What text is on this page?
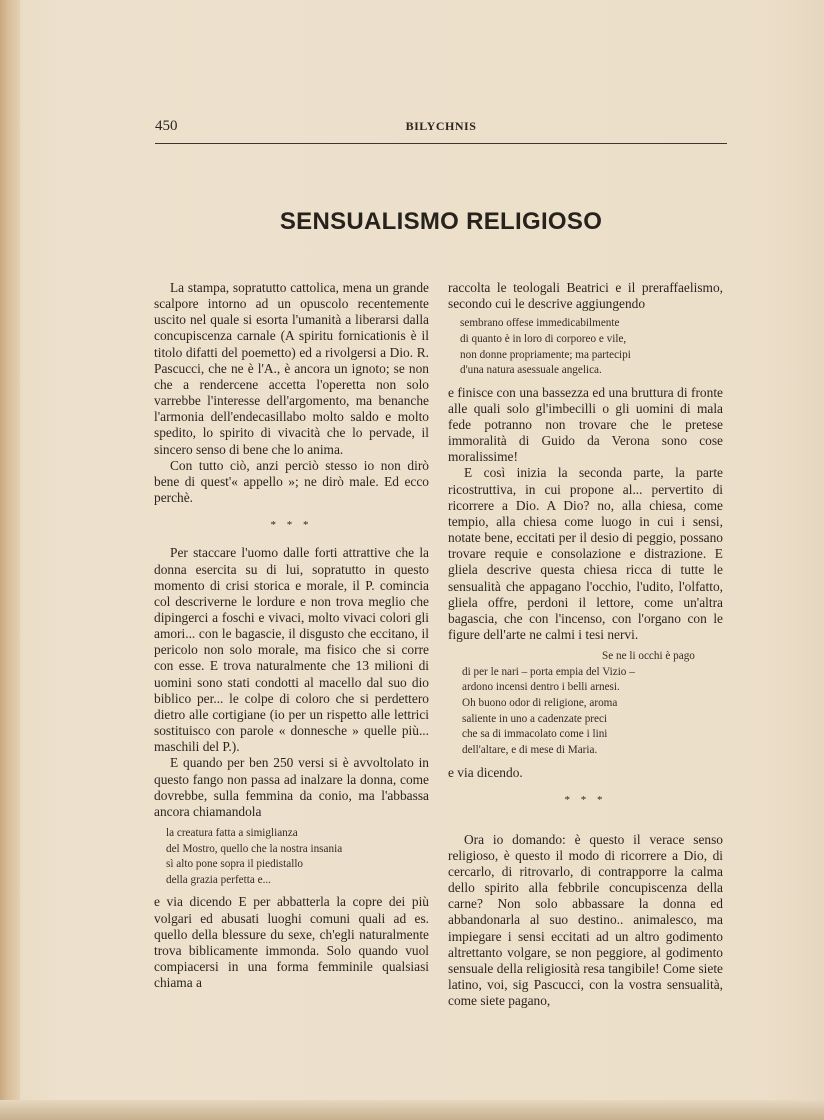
450	BILYCHNIS
SENSUALISMO RELIGIOSO

La stampa, sopratutto cattolica, mena un grande scalpore intorno ad un opuscolo recentemente uscito nel quale si esorta l'umanità a liberarsi dalla concupiscenza carnale (A spiritu fornicationis è il titolo difatti del poemetto) ed a rivolgersi a Dio. R. Pascucci, che ne è l'A., è ancora un ignoto; se non che a rendercene accetta l'operetta non solo varrebbe l'interesse dell'argomento, ma benanche l'armonia dell'endecasillabo molto saldo e molto spedito, lo spirito di vivacità che lo pervade, il sincero senso di bene che lo anima.

Con tutto ciò, anzi perciò stesso io non dirò bene di quest'« appello »; ne dirò male. Ed ecco perchè.

* * *

Per staccare l'uomo dalle forti attrattive che la donna esercita su di lui, sopratutto in questo momento di crisi storica e morale, il P. comincia col descriverne le lordure e non trova meglio che dipingerci a foschi e vivaci, molto vivaci colori gli amori... con le bagascie, il disgusto che eccitano, il pericolo non solo morale, ma fisico che si corre con esse. E trova naturalmente che 13 milioni di uomini sono stati condotti al macello dal suo dio biblico per... le colpe di coloro che si perdettero dietro alle cortigiane (io per un rispetto alle lettrici sostituisco con parole « donnesche » quelle più... maschili del P.).

E quando per ben 250 versi si è avvoltolato in questo fango non passa ad inalzare la donna, come dovrebbe, sulla femmina da conio, ma l'abbassa ancora chiamandola

la creatura fatta a simiglianza
del Mostro, quello che la nostra insania
sì alto pone sopra il piedistallo
della grazia perfetta e...

e via dicendo E per abbatterla la copre dei più volgari ed abusati luoghi comuni quali ad es. quello della blessure du sexe, ch'egli naturalmente trova biblicamente immonda. Solo quando vuol compiacersi in una forma femminile qualsiasi chiama a

raccolta le teologali Beatrici e il preraffaelismo, secondo cui le descrive aggiungendo

sembrano offese immedicabilmente
di quanto è in loro di corporeo e vile,
non donne propriamente; ma partecipi
d'una natura asessuale angelica.

e finisce con una bassezza ed una bruttura di fronte alle quali solo gl'imbecilli o gli uomini di mala fede potranno non trovare che le pretese immoralità di Guido da Verona sono cose moralissime!

E così inizia la seconda parte, la parte ricostruttiva, in cui propone al... pervertito di ricorrere a Dio. A Dio? no, alla chiesa, come tempio, alla chiesa come luogo in cui i sensi, notate bene, eccitati per il desio di peggio, possano trovare requie e consolazione e distrazione. E gliela descrive questa chiesa ricca di tutte le sensualità che appagano l'occhio, l'udito, l'olfatto, gliela offre, perdoni il lettore, come un'altra bagascia, che con l'incenso, con l'organo con le figure dell'arte ne calmi i tesi nervi.

Se ne li occhi è pago
di per le nari – porta empia del Vizio –
ardono incensi dentro i belli arnesi.
Oh buono odor di religione, aroma
saliente in uno a cadenzate preci
che sa di immacolato come i lini
dell'altare, e di mese di Maria.

e via dicendo.

* * *

Ora io domando: è questo il verace senso religioso, è questo il modo di ricorrere a Dio, di cercarlo, di ritrovarlo, di contrapporre la calma dello spirito alla febbrile concupiscenza della carne? Non solo abbassare la donna ed abbandonarla al suo destino.. animalesco, ma impiegare i sensi eccitati ad un altro godimento altrettanto volgare, se non peggiore, al godimento sensuale della religiosità resa tangibile! Come siete latino, voi, sig Pascucci, con la vostra sensualità, come siete pagano,
